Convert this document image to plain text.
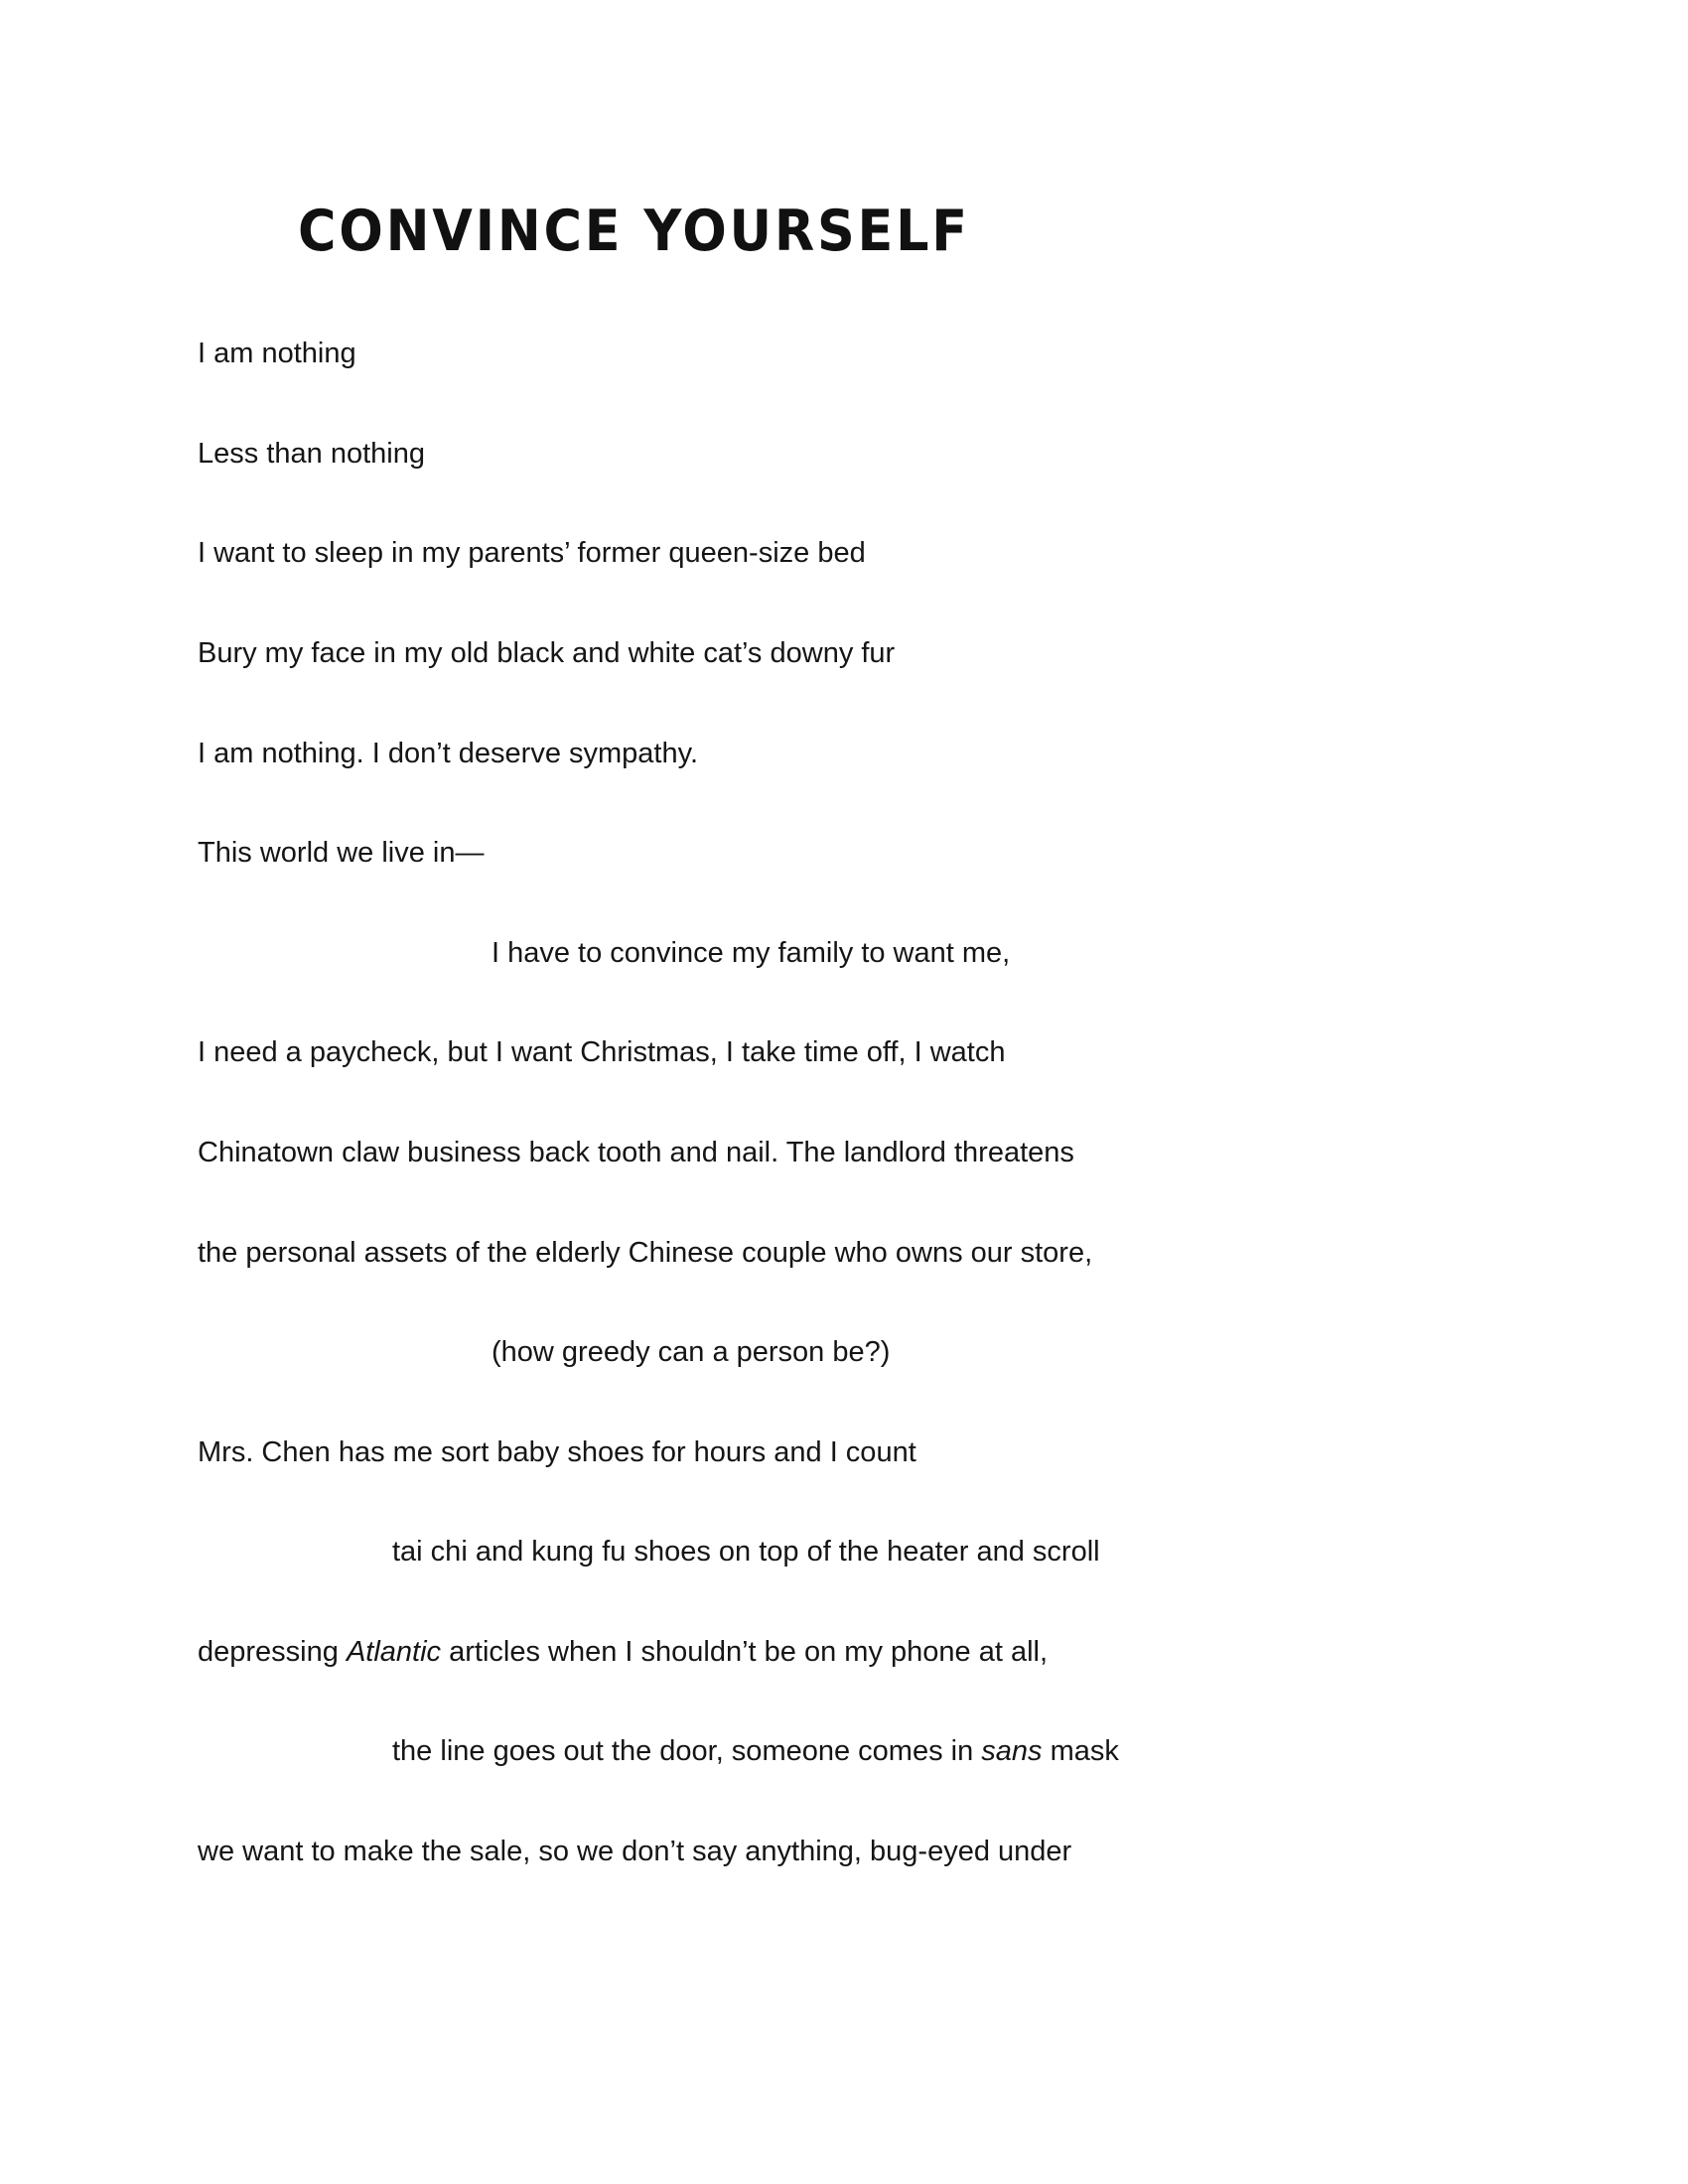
CONVINCE YOURSELF

I am nothing

Less than nothing

I want to sleep in my parents’ former queen-size bed

Bury my face in my old black and white cat’s downy fur

I am nothing. I don’t deserve sympathy.

This world we live in—

I have to convince my family to want me,

I need a paycheck, but I want Christmas, I take time off, I watch

Chinatown claw business back tooth and nail. The landlord threatens

the personal assets of the elderly Chinese couple who owns our store,

(how greedy can a person be?)

Mrs. Chen has me sort baby shoes for hours and I count

tai chi and kung fu shoes on top of the heater and scroll

depressing Atlantic articles when I shouldn’t be on my phone at all,

the line goes out the door, someone comes in sans mask

we want to make the sale, so we don’t say anything, bug-eyed under
